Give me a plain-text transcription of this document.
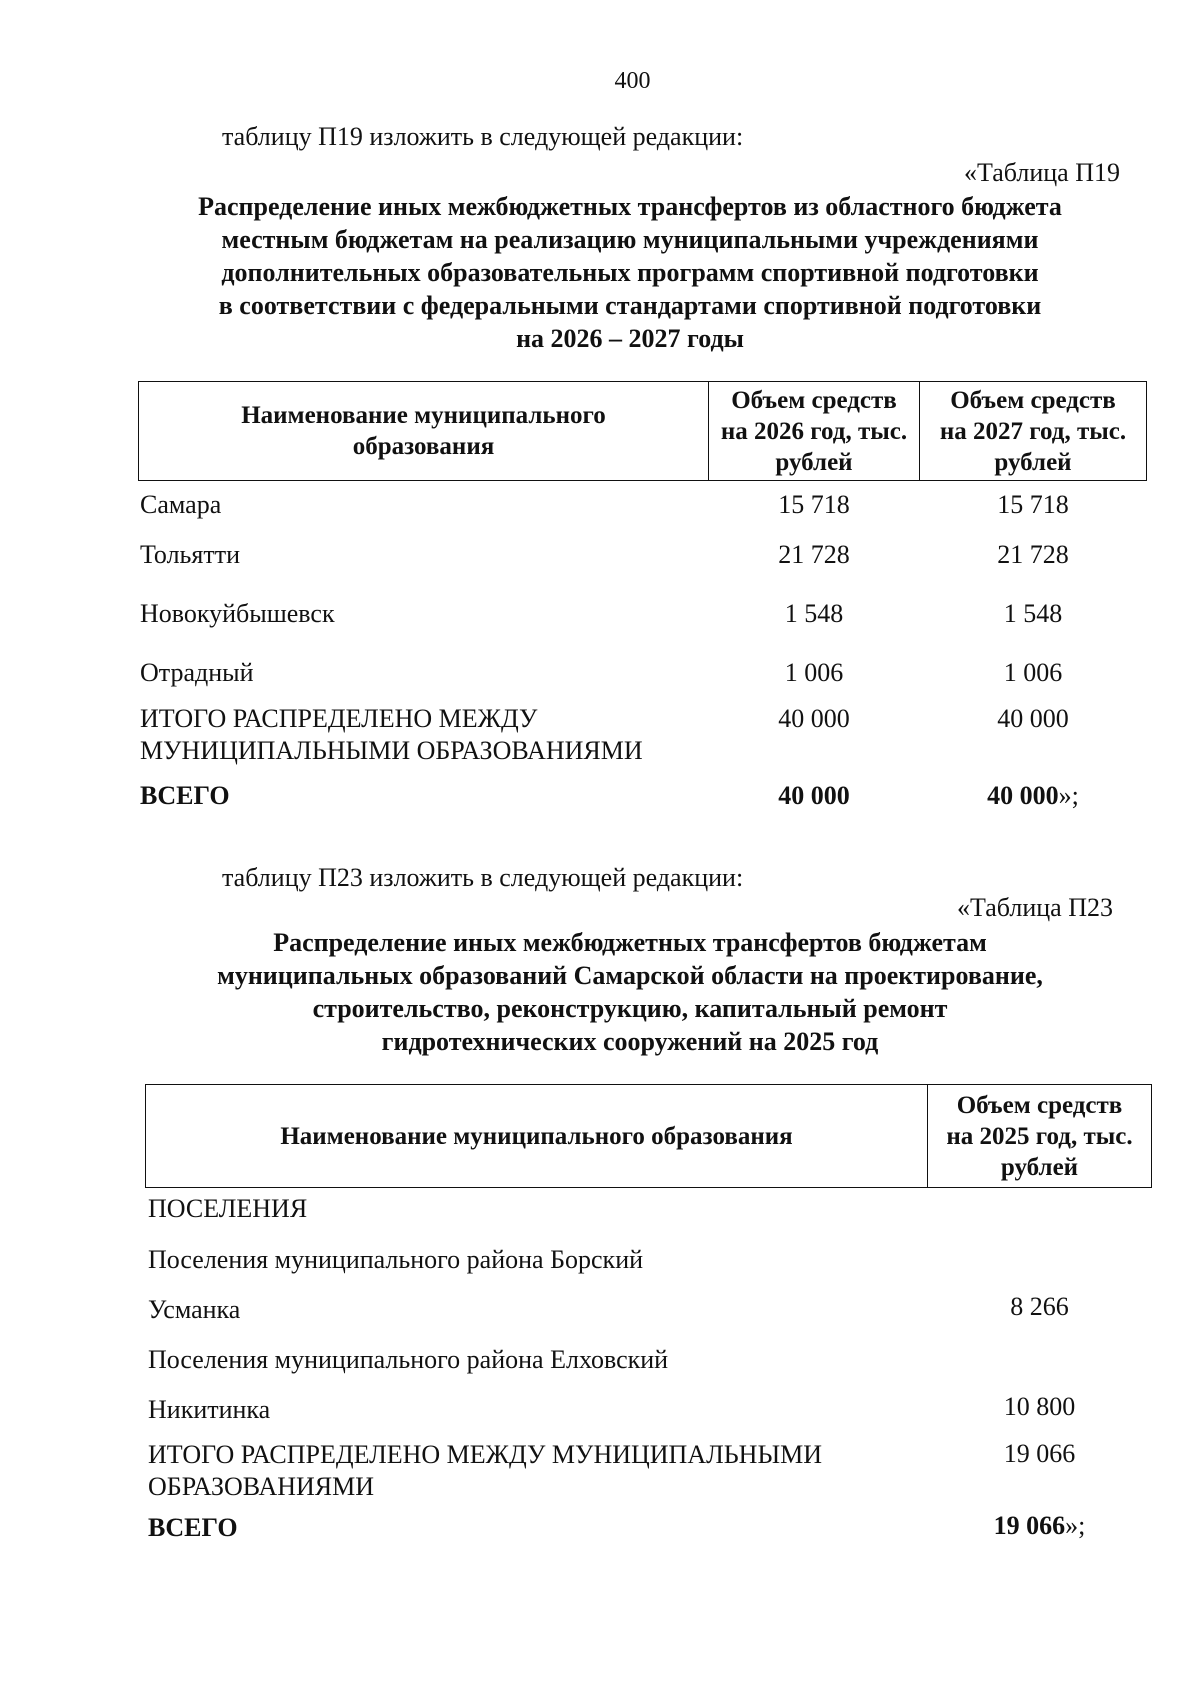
400
таблицу П19 изложить в следующей редакции:
«Таблица П19
Распределение иных межбюджетных трансфертов из областного бюджета
местным бюджетам на реализацию муниципальными учреждениями
дополнительных образовательных программ спортивной подготовки
в соответствии с федеральными стандартами спортивной подготовки
на 2026 – 2027 годы
Наименование муниципального образования
Объем средств на 2026 год, тыс. рублей
Объем средств на 2027 год, тыс. рублей
Самара	15 718	15 718
Тольятти	21 728	21 728
Новокуйбышевск	1 548	1 548
Отрадный	1 006	1 006
ИТОГО РАСПРЕДЕЛЕНО МЕЖДУ
МУНИЦИПАЛЬНЫМИ ОБРАЗОВАНИЯМИ
40 000	40 000
ВСЕГО	40 000	40 000»;
таблицу П23 изложить в следующей редакции:
«Таблица П23
Распределение иных межбюджетных трансфертов бюджетам
муниципальных образований Самарской области на проектирование,
строительство, реконструкцию, капитальный ремонт
гидротехнических сооружений на 2025 год
Наименование муниципального образования
Объем средств на 2025 год, тыс. рублей
ПОСЕЛЕНИЯ
Поселения муниципального района Борский
Усманка	8 266
Поселения муниципального района Елховский
Никитинка	10 800
ИТОГО РАСПРЕДЕЛЕНО МЕЖДУ МУНИЦИПАЛЬНЫМИ
ОБРАЗОВАНИЯМИ
19 066
ВСЕГО	19 066»;
